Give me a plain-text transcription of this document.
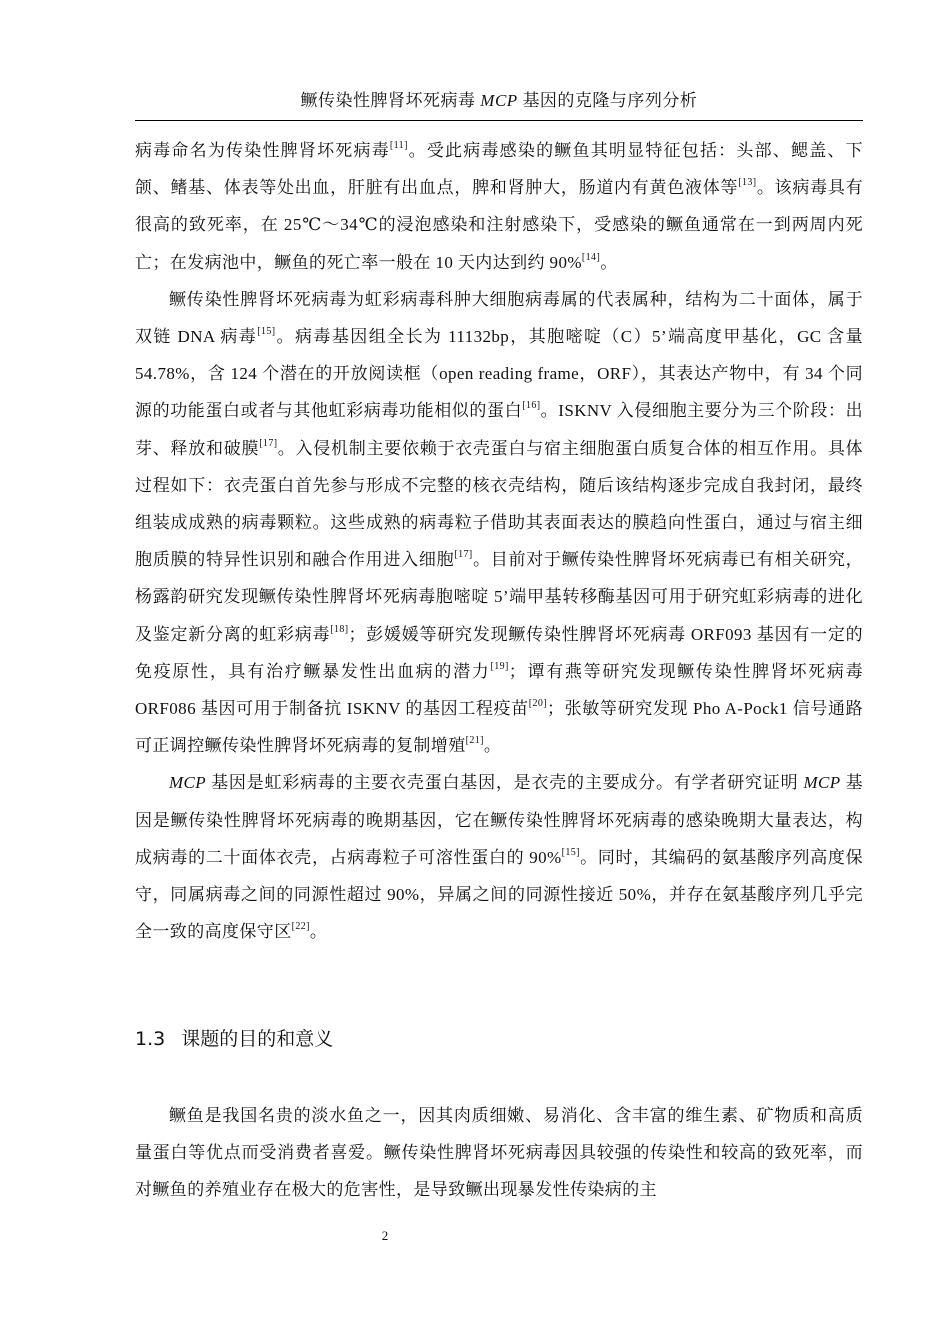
鳜传染性脾肾坏死病毒 MCP 基因的克隆与序列分析

病毒命名为传染性脾肾坏死病毒[11]。受此病毒感染的鳜鱼其明显特征包括：头部、鳃盖、下颌、鳍基、体表等处出血，肝脏有出血点，脾和肾肿大，肠道内有黄色液体等[13]。该病毒具有很高的致死率，在 25℃～34℃的浸泡感染和注射感染下，受感染的鳜鱼通常在一到两周内死亡；在发病池中，鳜鱼的死亡率一般在 10 天内达到约 90%[14]。

鳜传染性脾肾坏死病毒为虹彩病毒科肿大细胞病毒属的代表属种，结构为二十面体，属于双链 DNA 病毒[15]。病毒基因组全长为 11132bp，其胞嘧啶（C）5’端高度甲基化，GC 含量 54.78%，含 124 个潜在的开放阅读框（open reading frame，ORF），其表达产物中，有 34 个同源的功能蛋白或者与其他虹彩病毒功能相似的蛋白[16]。ISKNV 入侵细胞主要分为三个阶段：出芽、释放和破膜[17]。入侵机制主要依赖于衣壳蛋白与宿主细胞蛋白质复合体的相互作用。具体过程如下：衣壳蛋白首先参与形成不完整的核衣壳结构，随后该结构逐步完成自我封闭，最终组装成成熟的病毒颗粒。这些成熟的病毒粒子借助其表面表达的膜趋向性蛋白，通过与宿主细胞质膜的特异性识别和融合作用进入细胞[17]。目前对于鳜传染性脾肾坏死病毒已有相关研究，杨露韵研究发现鳜传染性脾肾坏死病毒胞嘧啶 5’端甲基转移酶基因可用于研究虹彩病毒的进化及鉴定新分离的虹彩病毒[18]；彭媛媛等研究发现鳜传染性脾肾坏死病毒 ORF093 基因有一定的免疫原性，具有治疗鳜暴发性出血病的潜力[19]；谭有燕等研究发现鳜传染性脾肾坏死病毒 ORF086 基因可用于制备抗 ISKNV 的基因工程疫苗[20]；张敏等研究发现 Pho A-Pock1 信号通路可正调控鳜传染性脾肾坏死病毒的复制增殖[21]。

MCP 基因是虹彩病毒的主要衣壳蛋白基因，是衣壳的主要成分。有学者研究证明 MCP 基因是鳜传染性脾肾坏死病毒的晚期基因，它在鳜传染性脾肾坏死病毒的感染晚期大量表达，构成病毒的二十面体衣壳，占病毒粒子可溶性蛋白的 90%[15]。同时，其编码的氨基酸序列高度保守，同属病毒之间的同源性超过 90%，异属之间的同源性接近 50%，并存在氨基酸序列几乎完全一致的高度保守区[22]。

1.3 课题的目的和意义

鳜鱼是我国名贵的淡水鱼之一，因其肉质细嫩、易消化、含丰富的维生素、矿物质和高质量蛋白等优点而受消费者喜爱。鳜传染性脾肾坏死病毒因具较强的传染性和较高的致死率，而对鳜鱼的养殖业存在极大的危害性，是导致鳜出现暴发性传染病的主

2
